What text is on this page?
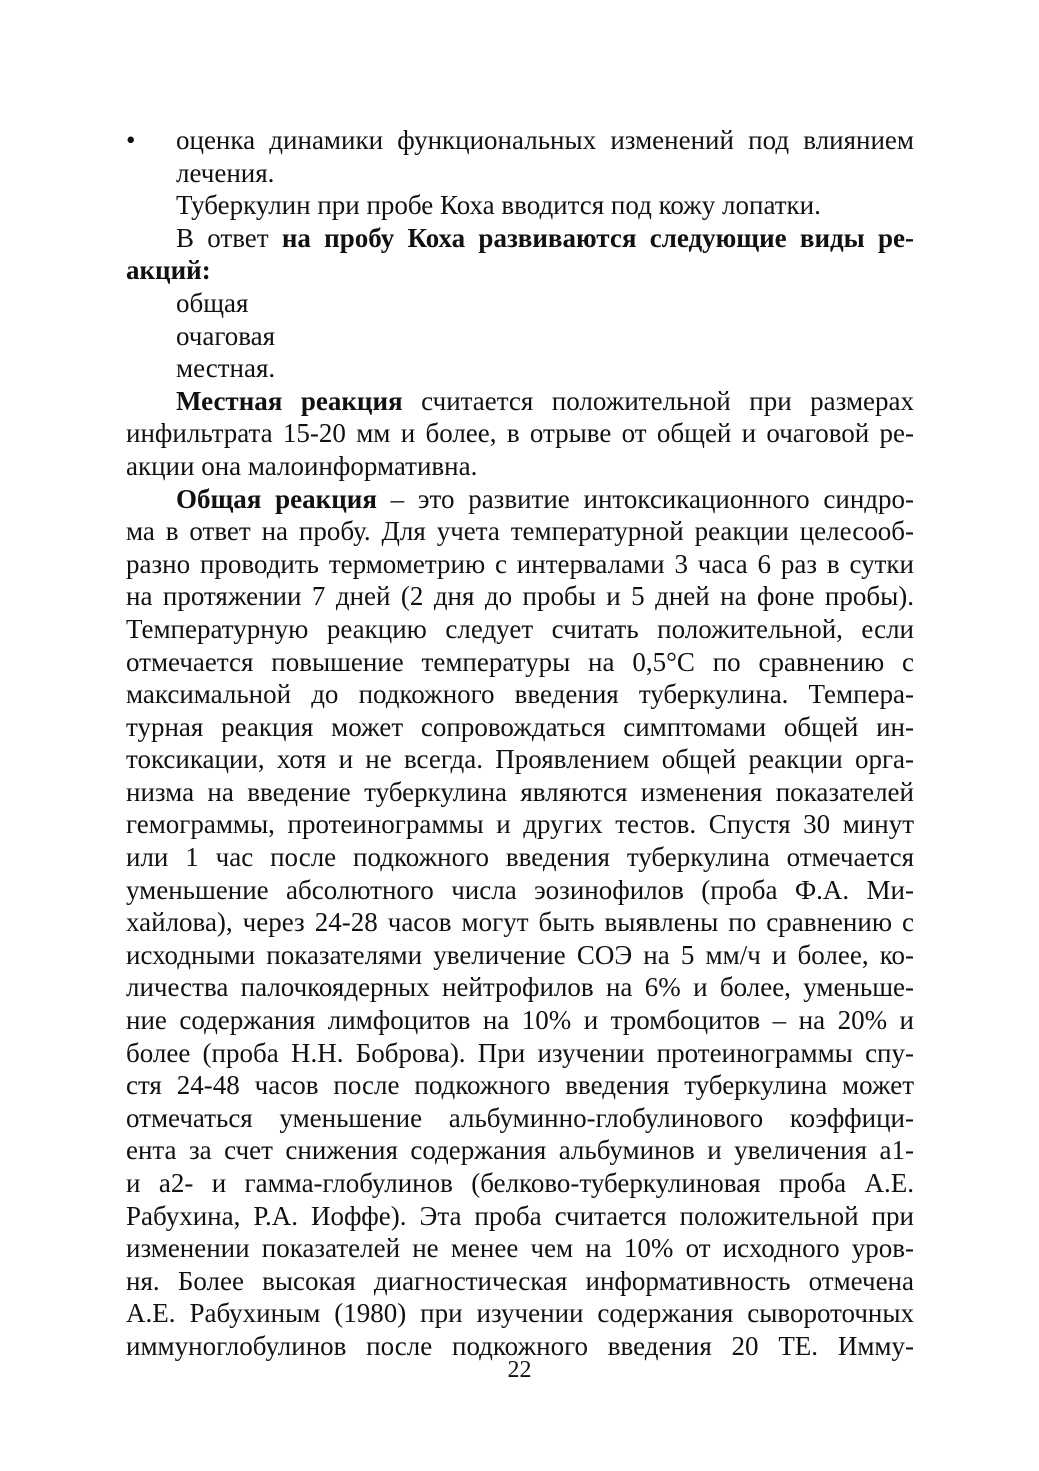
• оценка динамики функциональных изменений под влиянием
лечения.
Туберкулин при пробе Коха вводится под кожу лопатки.
В ответ на пробу Коха развиваются следующие виды ре-
акций:
общая
очаговая
местная.
Местная реакция считается положительной при размерах
инфильтрата 15-20 мм и более, в отрыве от общей и очаговой ре-
акции она малоинформативна.
Общая реакция – это развитие интоксикационного синдро-
ма в ответ на пробу. Для учета температурной реакции целесооб-
разно проводить термометрию с интервалами 3 часа 6 раз в сутки
на протяжении 7 дней (2 дня до пробы и 5 дней на фоне пробы).
Температурную реакцию следует считать положительной, если
отмечается повышение температуры на 0,5°С по сравнению с
максимальной до подкожного введения туберкулина. Темпера-
турная реакция может сопровождаться симптомами общей ин-
токсикации, хотя и не всегда. Проявлением общей реакции орга-
низма на введение туберкулина являются изменения показателей
гемограммы, протеинограммы и других тестов. Спустя 30 минут
или 1 час после подкожного введения туберкулина отмечается
уменьшение абсолютного числа эозинофилов (проба Ф.А. Ми-
хайлова), через 24-28 часов могут быть выявлены по сравнению с
исходными показателями увеличение СОЭ на 5 мм/ч и более, ко-
личества палочкоядерных нейтрофилов на 6% и более, уменьше-
ние содержания лимфоцитов на 10% и тромбоцитов – на 20% и
более (проба Н.Н. Боброва). При изучении протеинограммы спу-
стя 24-48 часов после подкожного введения туберкулина может
отмечаться уменьшение альбуминно-глобулинового коэффици-
ента за счет снижения содержания альбуминов и увеличения а1-
и а2- и гамма-глобулинов (белково-туберкулиновая проба А.Е.
Рабухина, Р.А. Иоффе). Эта проба считается положительной при
изменении показателей не менее чем на 10% от исходного уров-
ня. Более высокая диагностическая информативность отмечена
А.Е. Рабухиным (1980) при изучении содержания сывороточных
иммуноглобулинов после подкожного введения 20 ТЕ. Имму-
22
